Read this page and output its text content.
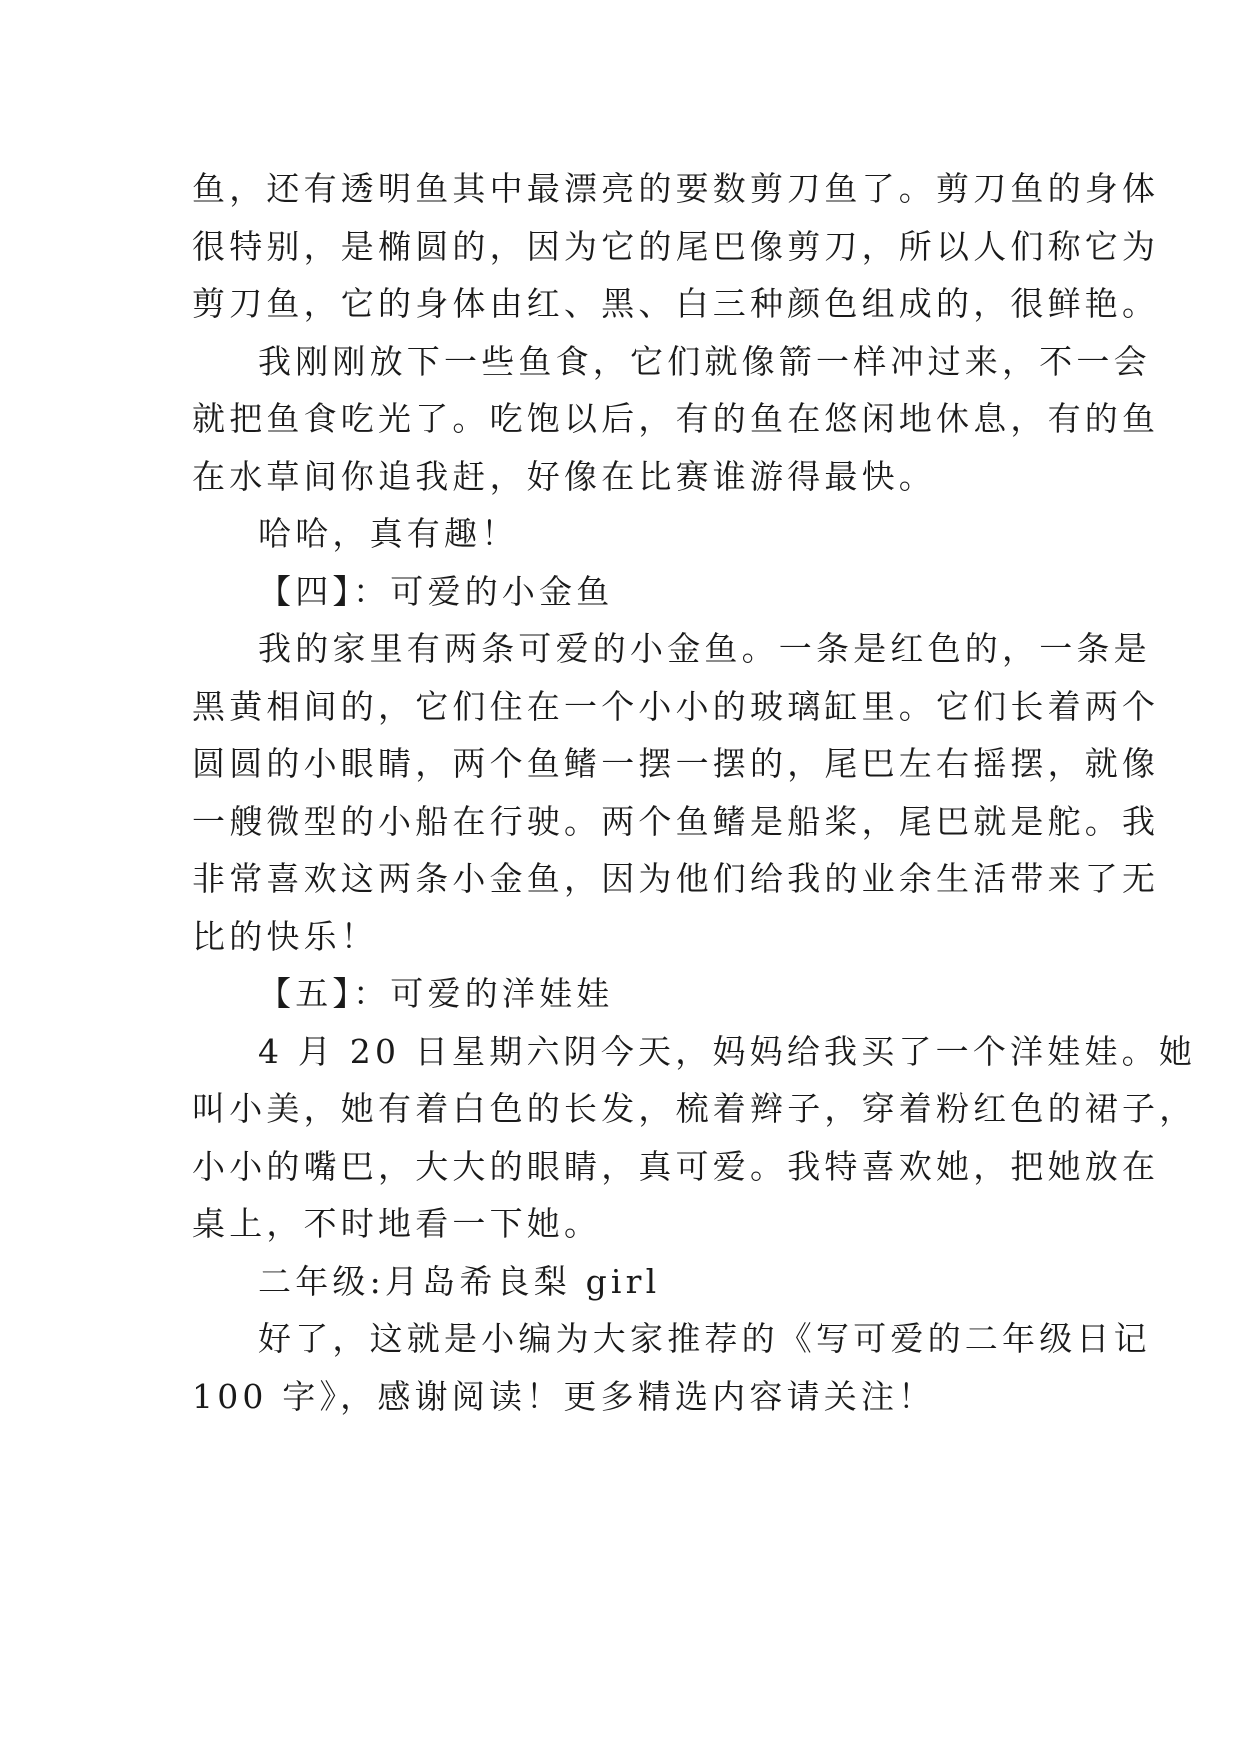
鱼，还有透明鱼其中最漂亮的要数剪刀鱼了。剪刀鱼的身体
很特别，是椭圆的，因为它的尾巴像剪刀，所以人们称它为
剪刀鱼，它的身体由红、黑、白三种颜色组成的，很鲜艳。
我刚刚放下一些鱼食，它们就像箭一样冲过来，不一会
就把鱼食吃光了。吃饱以后，有的鱼在悠闲地休息，有的鱼
在水草间你追我赶，好像在比赛谁游得最快。
哈哈，真有趣！
【四】：可爱的小金鱼
我的家里有两条可爱的小金鱼。一条是红色的，一条是
黑黄相间的，它们住在一个小小的玻璃缸里。它们长着两个
圆圆的小眼睛，两个鱼鳍一摆一摆的，尾巴左右摇摆，就像
一艘微型的小船在行驶。两个鱼鳍是船桨，尾巴就是舵。我
非常喜欢这两条小金鱼，因为他们给我的业余生活带来了无
比的快乐！
【五】：可爱的洋娃娃
4 月 20 日星期六阴今天，妈妈给我买了一个洋娃娃。她
叫小美，她有着白色的长发，梳着辫子，穿着粉红色的裙子，
小小的嘴巴，大大的眼睛，真可爱。我特喜欢她，把她放在
桌上，不时地看一下她。
二年级:月岛希良梨 girl
好了，这就是小编为大家推荐的《写可爱的二年级日记
100 字》，感谢阅读！更多精选内容请关注！
